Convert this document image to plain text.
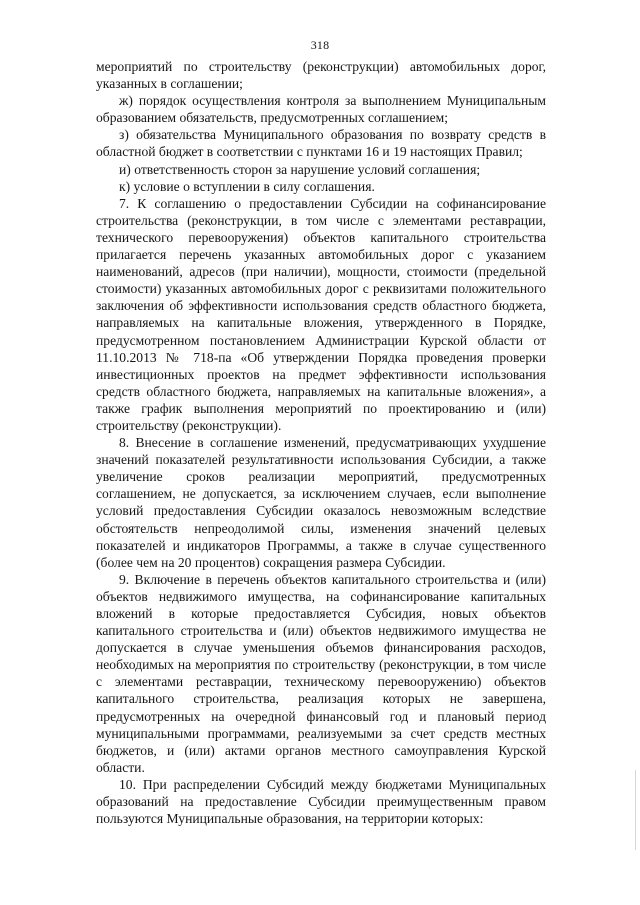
318

мероприятий по строительству (реконструкции) автомобильных дорог, указанных в соглашении;

ж) порядок осуществления контроля за выполнением Муниципальным образованием обязательств, предусмотренных соглашением;

з) обязательства Муниципального образования по возврату средств в областной бюджет в соответствии с пунктами 16 и 19 настоящих Правил;

и) ответственность сторон за нарушение условий соглашения;

к) условие о вступлении в силу соглашения.

7. К соглашению о предоставлении Субсидии на софинансирование строительства (реконструкции, в том числе с элементами реставрации, технического перевооружения) объектов капитального строительства прилагается перечень указанных автомобильных дорог с указанием наименований, адресов (при наличии), мощности, стоимости (предельной стоимости) указанных автомобильных дорог с реквизитами положительного заключения об эффективности использования средств областного бюджета, направляемых на капитальные вложения, утвержденного в Порядке, предусмотренном постановлением Администрации Курской области от 11.10.2013 № 718-па «Об утверждении Порядка проведения проверки инвестиционных проектов на предмет эффективности использования средств областного бюджета, направляемых на капитальные вложения», а также график выполнения мероприятий по проектированию и (или) строительству (реконструкции).

8. Внесение в соглашение изменений, предусматривающих ухудшение значений показателей результативности использования Субсидии, а также увеличение сроков реализации мероприятий, предусмотренных соглашением, не допускается, за исключением случаев, если выполнение условий предоставления Субсидии оказалось невозможным вследствие обстоятельств непреодолимой силы, изменения значений целевых показателей и индикаторов Программы, а также в случае существенного (более чем на 20 процентов) сокращения размера Субсидии.

9. Включение в перечень объектов капитального строительства и (или) объектов недвижимого имущества, на софинансирование капитальных вложений в которые предоставляется Субсидия, новых объектов капитального строительства и (или) объектов недвижимого имущества не допускается в случае уменьшения объемов финансирования расходов, необходимых на мероприятия по строительству (реконструкции, в том числе с элементами реставрации, техническому перевооружению) объектов капитального строительства, реализация которых не завершена, предусмотренных на очередной финансовый год и плановый период муниципальными программами, реализуемыми за счет средств местных бюджетов, и (или) актами органов местного самоуправления Курской области.

10. При распределении Субсидий между бюджетами Муниципальных образований на предоставление Субсидии преимущественным правом пользуются Муниципальные образования, на территории которых:
